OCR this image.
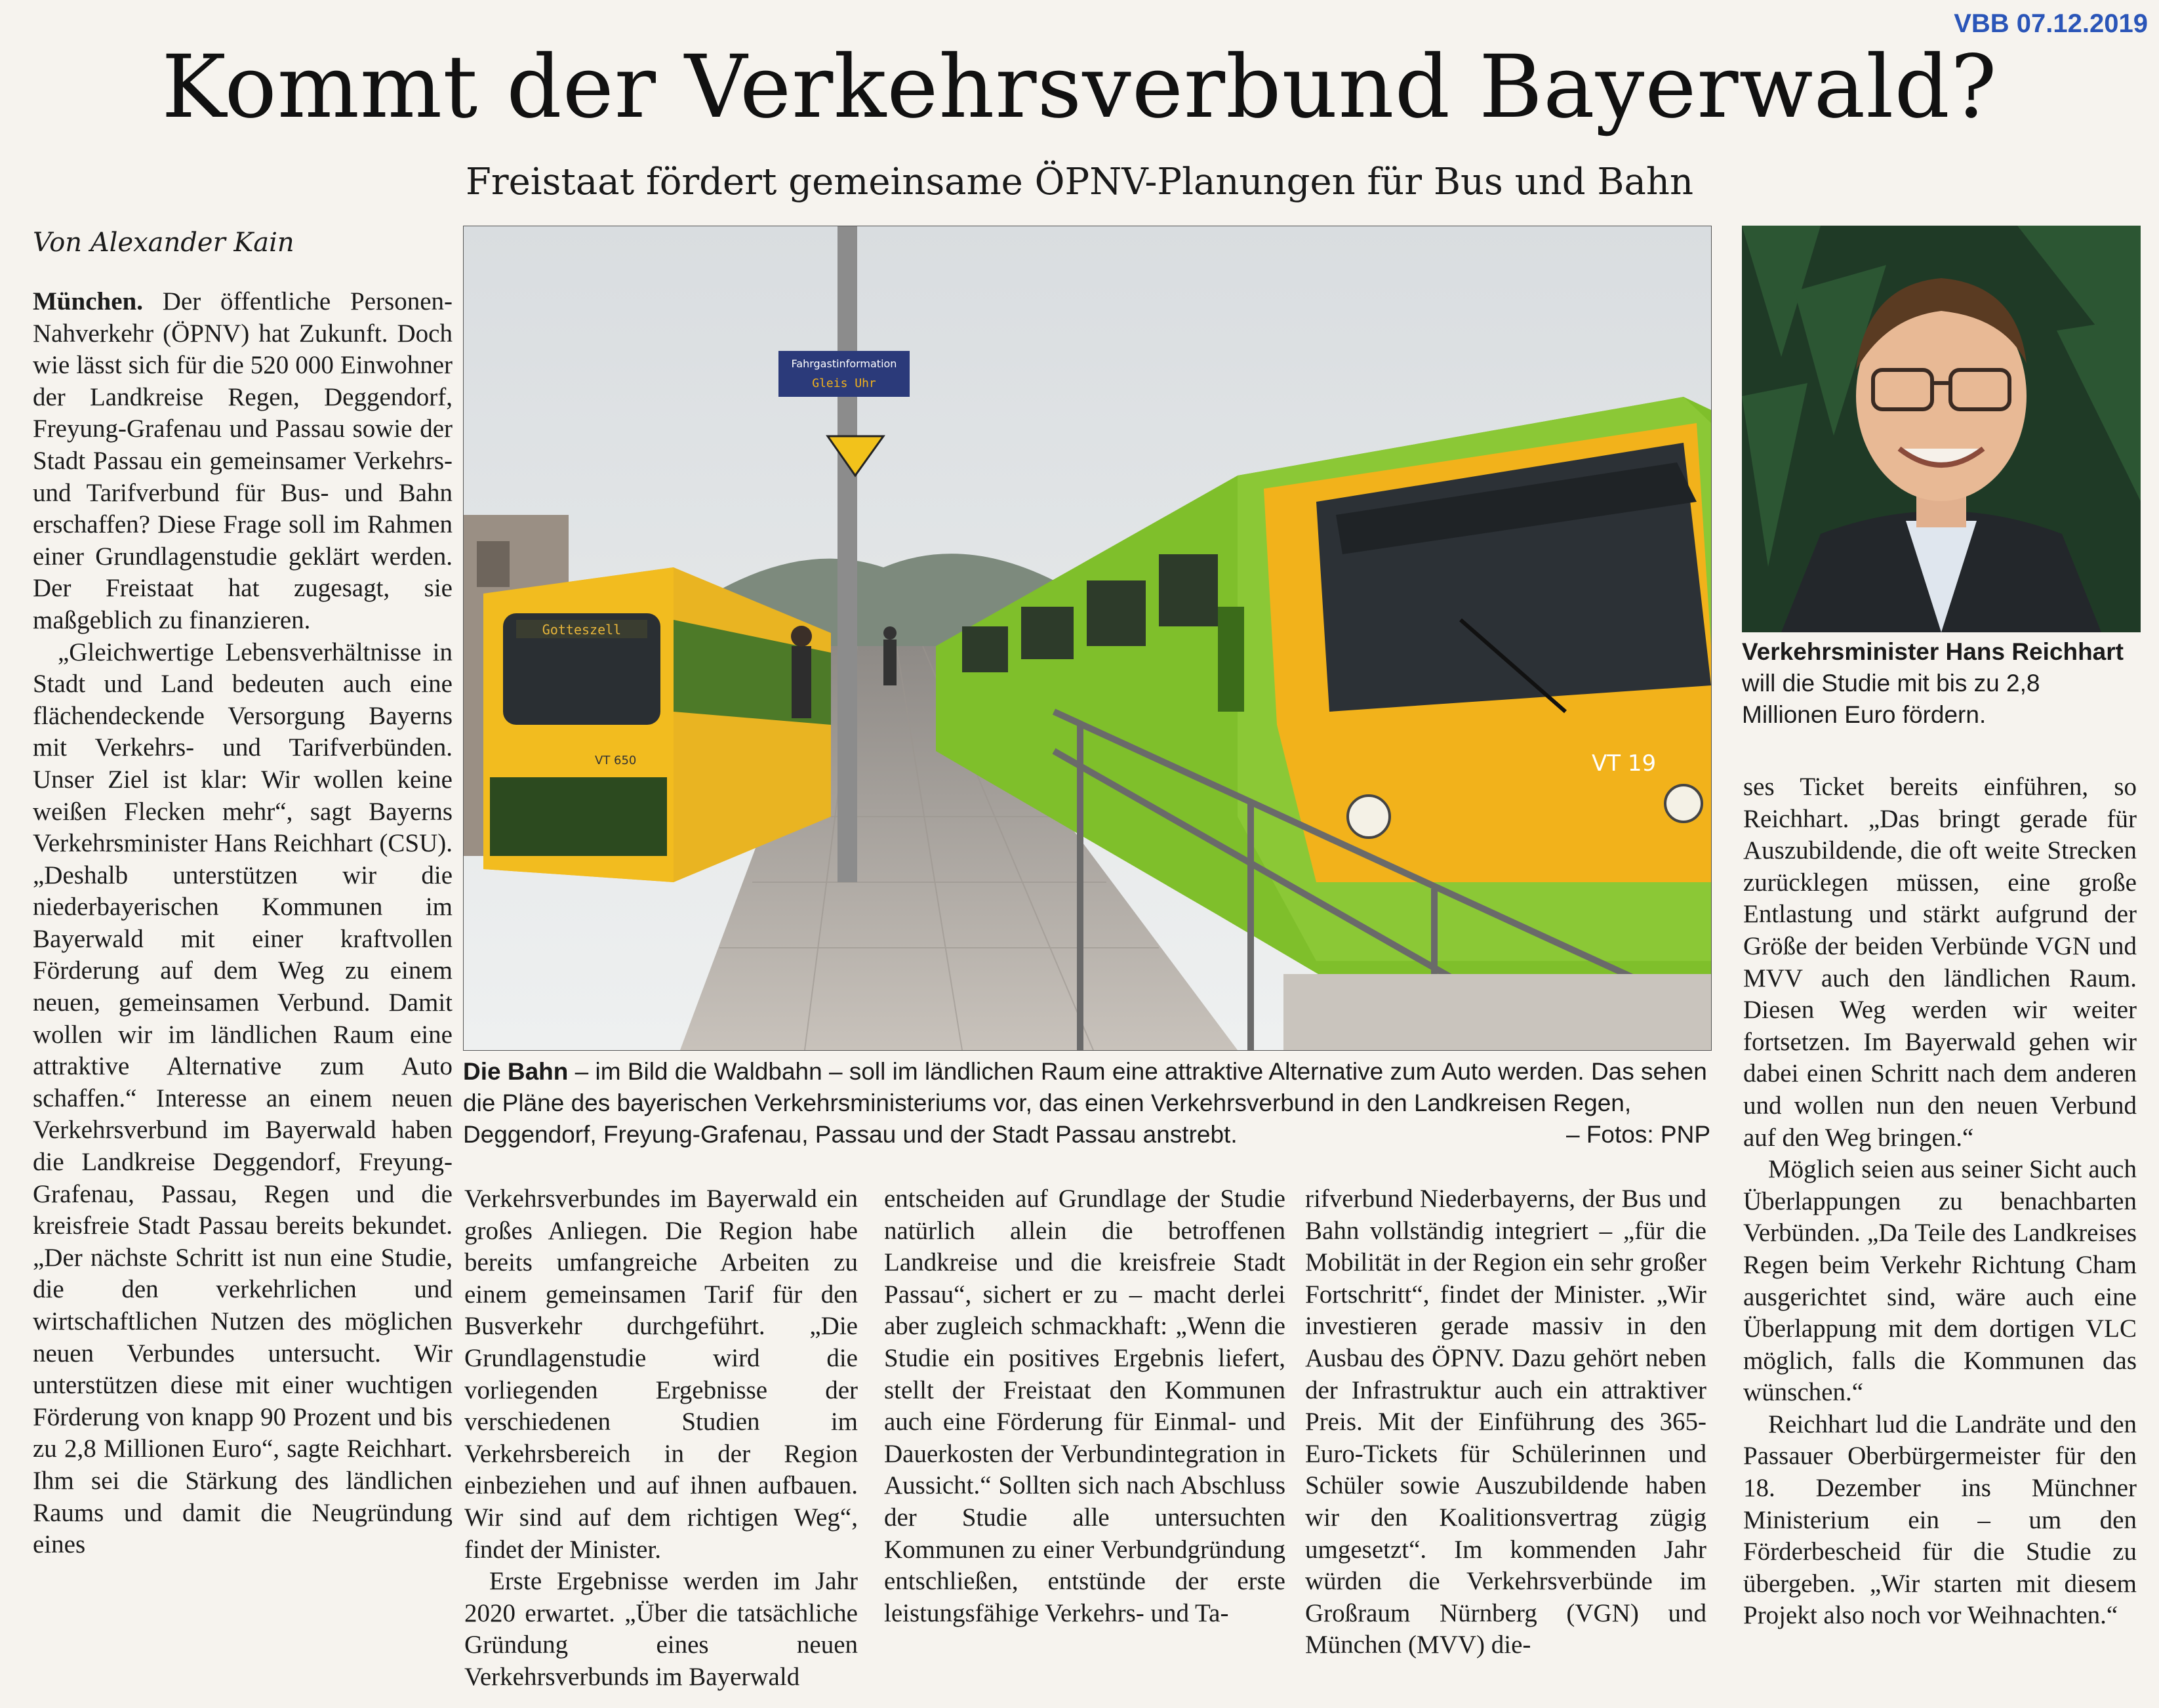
VBB 07.12.2019
Kommt der Verkehrsverbund Bayerwald?
Freistaat fördert gemeinsame ÖPNV-Planungen für Bus und Bahn
Von Alexander Kain

München. Der öffentliche Personen-Nahverkehr (ÖPNV) hat Zukunft. Doch wie lässt sich für die 520 000 Einwohner der Landkreise Regen, Deggendorf, Freyung-Grafenau und Passau sowie der Stadt Passau ein gemeinsamer Verkehrs- und Tarifverbund für Bus- und Bahn erschaffen? Diese Frage soll im Rahmen einer Grundlagenstudie geklärt werden. Der Freistaat hat zugesagt, sie maßgeblich zu finanzieren.

„Gleichwertige Lebensverhältnisse in Stadt und Land bedeuten auch eine flächendeckende Versorgung Bayerns mit Verkehrs- und Tarifverbünden. Unser Ziel ist klar: Wir wollen keine weißen Flecken mehr“, sagt Bayerns Verkehrsminister Hans Reichhart (CSU). „Deshalb unterstützen wir die niederbayerischen Kommunen im Bayerwald mit einer kraftvollen Förderung auf dem Weg zu einem neuen, gemeinsamen Verbund. Damit wollen wir im ländlichen Raum eine attraktive Alternative zum Auto schaffen.“ Interesse an einem neuen Verkehrsverbund im Bayerwald haben die Landkreise Deggendorf, Freyung-Grafenau, Passau, Regen und die kreisfreie Stadt Passau bereits bekundet. „Der nächste Schritt ist nun eine Studie, die den verkehrlichen und wirtschaftlichen Nutzen des möglichen neuen Verbundes untersucht. Wir unterstützen diese mit einer wuchtigen Förderung von knapp 90 Prozent und bis zu 2,8 Millionen Euro“, sagte Reichhart. Ihm sei die Stärkung des ländlichen Raums und damit die Neugründung eines

Gotteszell
VT 650
Fahrgastinformation
Gleis Uhr
VT 19
Die Bahn – im Bild die Waldbahn – soll im ländlichen Raum eine attraktive Alternative zum Auto werden. Das sehen die Pläne des bayerischen Verkehrsministeriums vor, das einen Verkehrsverbund in den Landkreisen Regen, Deggendorf, Freyung-Grafenau, Passau und der Stadt Passau anstrebt.	– Fotos: PNP
Verkehrsminister Hans Reichhart will die Studie mit bis zu 2,8 Millionen Euro fördern.

Verkehrsverbundes im Bayerwald ein großes Anliegen. Die Region habe bereits umfangreiche Arbeiten zu einem gemeinsamen Tarif für den Busverkehr durchgeführt. „Die Grundlagenstudie wird die vorliegenden Ergebnisse der verschiedenen Studien im Verkehrsbereich in der Region einbeziehen und auf ihnen aufbauen. Wir sind auf dem richtigen Weg“, findet der Minister.

Erste Ergebnisse werden im Jahr 2020 erwartet. „Über die tatsächliche Gründung eines neuen Verkehrsverbunds im Bayerwald

entscheiden auf Grundlage der Studie natürlich allein die betroffenen Landkreise und die kreisfreie Stadt Passau“, sichert er zu – macht derlei aber zugleich schmackhaft: „Wenn die Studie ein positives Ergebnis liefert, stellt der Freistaat den Kommunen auch eine Förderung für Einmal- und Dauerkosten der Verbundintegration in Aussicht.“ Sollten sich nach Abschluss der Studie alle untersuchten Kommunen zu einer Verbundgründung entschließen, entstünde der erste leistungsfähige Verkehrs- und Ta-

rifverbund Niederbayerns, der Bus und Bahn vollständig integriert – „für die Mobilität in der Region ein sehr großer Fortschritt“, findet der Minister. „Wir investieren gerade massiv in den Ausbau des ÖPNV. Dazu gehört neben der Infrastruktur auch ein attraktiver Preis. Mit der Einführung des 365-Euro-Tickets für Schülerinnen und Schüler sowie Auszubildende haben wir den Koalitionsvertrag zügig umgesetzt“. Im kommenden Jahr würden die Verkehrsverbünde im Großraum Nürnberg (VGN) und München (MVV) die-

ses Ticket bereits einführen, so Reichhart. „Das bringt gerade für Auszubildende, die oft weite Strecken zurücklegen müssen, eine große Entlastung und stärkt aufgrund der Größe der beiden Verbünde VGN und MVV auch den ländlichen Raum. Diesen Weg werden wir weiter fortsetzen. Im Bayerwald gehen wir dabei einen Schritt nach dem anderen und wollen nun den neuen Verbund auf den Weg bringen.“

Möglich seien aus seiner Sicht auch Überlappungen zu benachbarten Verbünden. „Da Teile des Landkreises Regen beim Verkehr Richtung Cham ausgerichtet sind, wäre auch eine Überlappung mit dem dortigen VLC möglich, falls die Kommunen das wünschen.“

Reichhart lud die Landräte und den Passauer Oberbürgermeister für den 18. Dezember ins Münchner Ministerium ein – um den Förderbescheid für die Studie zu übergeben. „Wir starten mit diesem Projekt also noch vor Weihnachten.“
